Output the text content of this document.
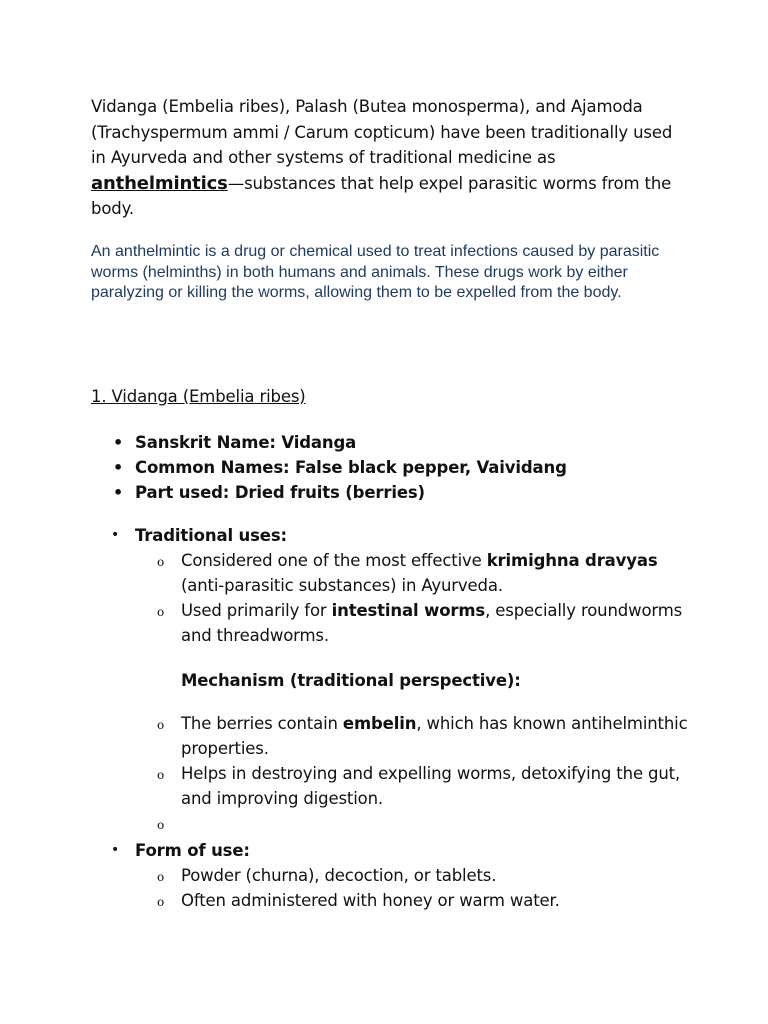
Vidanga (Embelia ribes), Palash (Butea monosperma), and Ajamoda (Trachyspermum ammi / Carum copticum) have been traditionally used in Ayurveda and other systems of traditional medicine as anthelmintics—substances that help expel parasitic worms from the body.

An anthelmintic is a drug or chemical used to treat infections caused by parasitic worms (helminths) in both humans and animals. These drugs work by either paralyzing or killing the worms, allowing them to be expelled from the body.

1. Vidanga (Embelia ribes)
• Sanskrit Name: Vidanga
• Common Names: False black pepper, Vaividang
• Part used: Dried fruits (berries)
• Traditional uses:
o Considered one of the most effective krimighna dravyas (anti-parasitic substances) in Ayurveda.
o Used primarily for intestinal worms, especially roundworms and threadworms.
Mechanism (traditional perspective):
o The berries contain embelin, which has known antihelminthic properties.
o Helps in destroying and expelling worms, detoxifying the gut, and improving digestion.
o

• Form of use:
o Powder (churna), decoction, or tablets.
o Often administered with honey or warm water.
